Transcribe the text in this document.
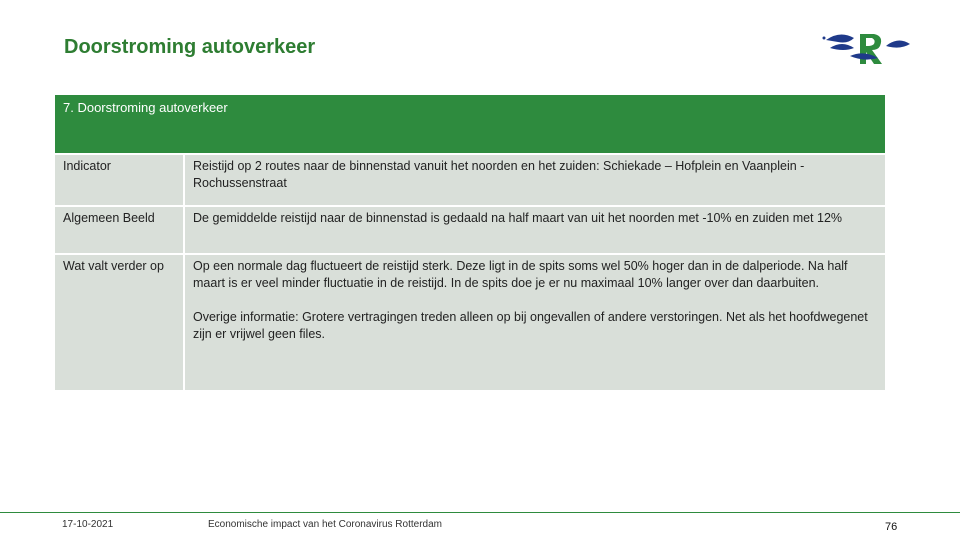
Doorstroming autoverkeer
7. Doorstroming autoverkeer
Indicator	Reistijd op 2 routes naar de binnenstad vanuit het noorden en het zuiden: Schiekade – Hofplein en Vaanplein - Rochussenstraat
Algemeen Beeld	De gemiddelde reistijd naar de binnenstad is gedaald na half maart van uit het noorden met -10% en zuiden met 12%
Wat valt verder op	Op een normale dag fluctueert de reistijd sterk. Deze ligt in de spits soms wel 50% hoger dan in de dalperiode. Na half maart is er veel minder fluctuatie in de reistijd. In de spits doe je er nu maximaal 10% langer over dan daarbuiten.
Overige informatie: Grotere vertragingen treden alleen op bij ongevallen of andere verstoringen. Net als het hoofdwegenet zijn er vrijwel geen files.
17-10-2021	Economische impact van het Coronavirus Rotterdam	76
